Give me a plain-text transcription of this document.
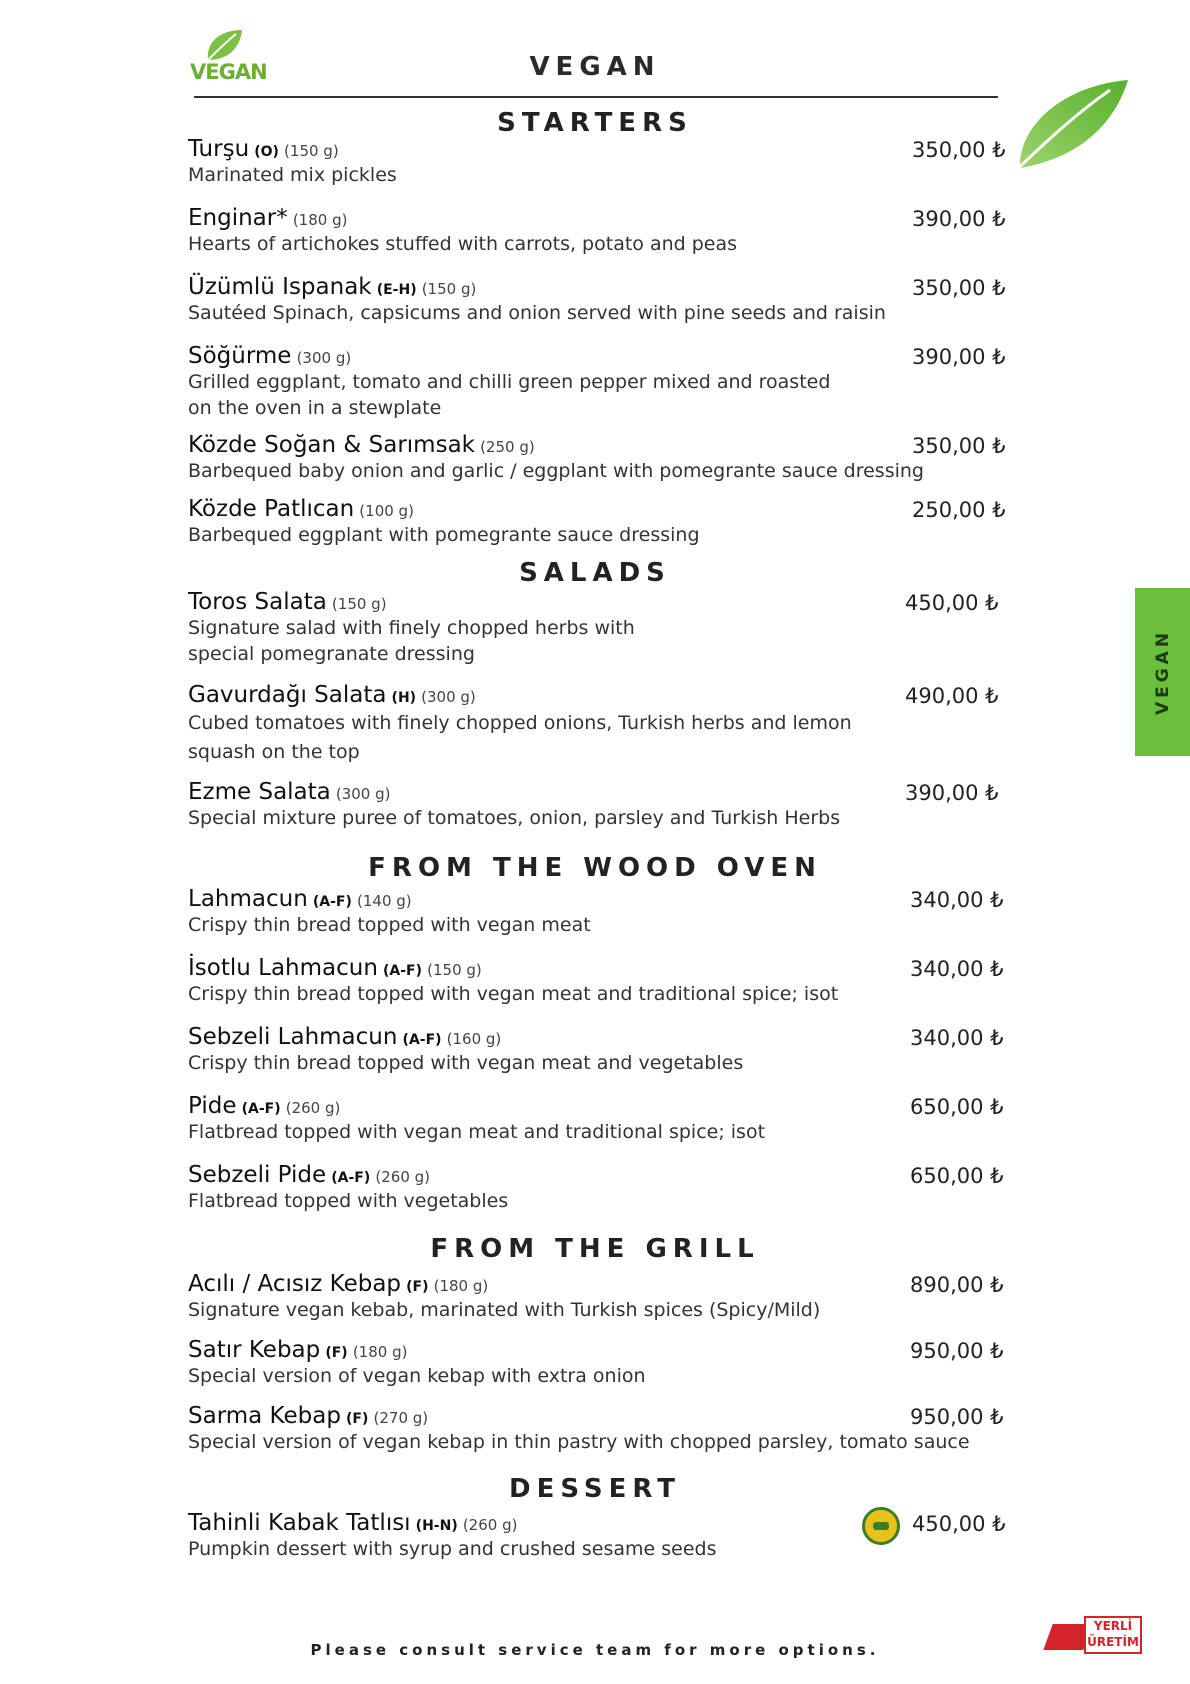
VEGAN	VEGAN
VEGAN
STARTERS
Turşu (O) (150 g)
Marinated mix pickles
350,00 ₺
Enginar* (180 g)
Hearts of artichokes stuffed with carrots, potato and peas
390,00 ₺
Üzümlü Ispanak (E-H) (150 g)
Sautéed Spinach, capsicums and onion served with pine seeds and raisin
350,00 ₺
Söğürme (300 g)
Grilled eggplant, tomato and chilli green pepper mixed and roasted
on the oven in a stewplate
390,00 ₺
Közde Soğan & Sarımsak (250 g)
Barbequed baby onion and garlic / eggplant with pomegrante sauce dressing
350,00 ₺
Közde Patlıcan (100 g)
Barbequed eggplant with pomegrante sauce dressing
250,00 ₺
SALADS
Toros Salata (150 g)
Signature salad with finely chopped herbs with
special pomegranate dressing
450,00 ₺
Gavurdağı Salata (H) (300 g)
Cubed tomatoes with finely chopped onions, Turkish herbs and lemon
squash on the top
490,00 ₺
Ezme Salata (300 g)
Special mixture puree of tomatoes, onion, parsley and Turkish Herbs
390,00 ₺
FROM THE WOOD OVEN
Lahmacun (A-F) (140 g)
Crispy thin bread topped with vegan meat
340,00 ₺
İsotlu Lahmacun (A-F) (150 g)
Crispy thin bread topped with vegan meat and traditional spice; isot
340,00 ₺
Sebzeli Lahmacun (A-F) (160 g)
Crispy thin bread topped with vegan meat and vegetables
340,00 ₺
Pide (A-F) (260 g)
Flatbread topped with vegan meat and traditional spice; isot
650,00 ₺
Sebzeli Pide (A-F) (260 g)
Flatbread topped with vegetables
650,00 ₺
FROM THE GRILL
Acılı / Acısız Kebap (F) (180 g)
Signature vegan kebab, marinated with Turkish spices (Spicy/Mild)
890,00 ₺
Satır Kebap (F) (180 g)
Special version of vegan kebap with extra onion
950,00 ₺
Sarma Kebap (F) (270 g)
Special version of vegan kebap in thin pastry with chopped parsley, tomato sauce
950,00 ₺
DESSERT
Tahinli Kabak Tatlısı (H-N) (260 g)
Pumpkin dessert with syrup and crushed sesame seeds
450,00 ₺
Please consult service team for more options.
YERLİ
ÜRETİM
